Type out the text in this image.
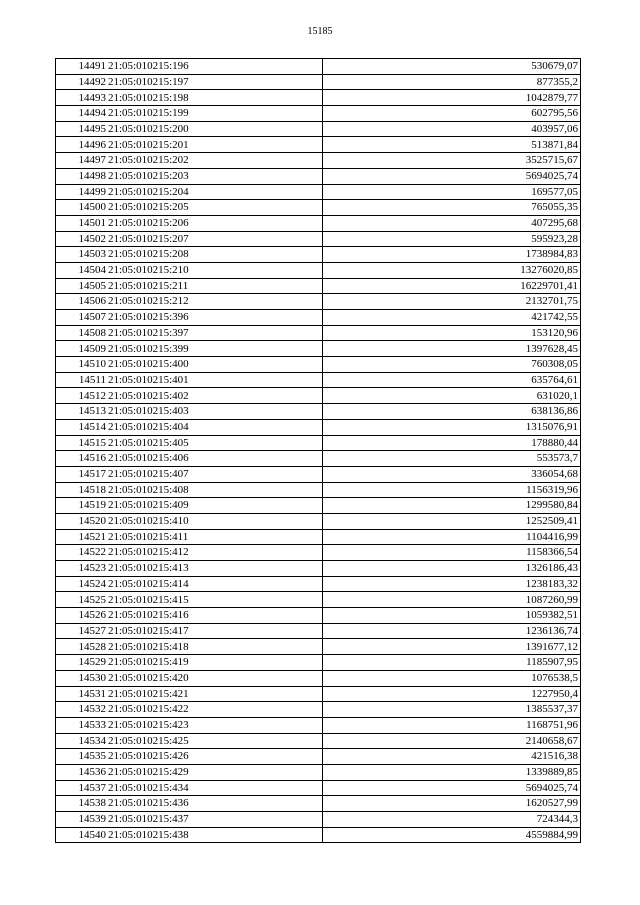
15185
14491	21:05:010215:196	530679,07
14492	21:05:010215:197	877355,2
14493	21:05:010215:198	1042879,77
14494	21:05:010215:199	602795,56
14495	21:05:010215:200	403957,06
14496	21:05:010215:201	513871,84
14497	21:05:010215:202	3525715,67
14498	21:05:010215:203	5694025,74
14499	21:05:010215:204	169577,05
14500	21:05:010215:205	765055,35
14501	21:05:010215:206	407295,68
14502	21:05:010215:207	595923,28
14503	21:05:010215:208	1738984,83
14504	21:05:010215:210	13276020,85
14505	21:05:010215:211	16229701,41
14506	21:05:010215:212	2132701,75
14507	21:05:010215:396	421742,55
14508	21:05:010215:397	153120,96
14509	21:05:010215:399	1397628,45
14510	21:05:010215:400	760308,05
14511	21:05:010215:401	635764,61
14512	21:05:010215:402	631020,1
14513	21:05:010215:403	638136,86
14514	21:05:010215:404	1315076,91
14515	21:05:010215:405	178880,44
14516	21:05:010215:406	553573,7
14517	21:05:010215:407	336054,68
14518	21:05:010215:408	1156319,96
14519	21:05:010215:409	1299580,84
14520	21:05:010215:410	1252509,41
14521	21:05:010215:411	1104416,99
14522	21:05:010215:412	1158366,54
14523	21:05:010215:413	1326186,43
14524	21:05:010215:414	1238183,32
14525	21:05:010215:415	1087260,99
14526	21:05:010215:416	1059382,51
14527	21:05:010215:417	1236136,74
14528	21:05:010215:418	1391677,12
14529	21:05:010215:419	1185907,95
14530	21:05:010215:420	1076538,5
14531	21:05:010215:421	1227950,4
14532	21:05:010215:422	1385537,37
14533	21:05:010215:423	1168751,96
14534	21:05:010215:425	2140658,67
14535	21:05:010215:426	421516,38
14536	21:05:010215:429	1339889,85
14537	21:05:010215:434	5694025,74
14538	21:05:010215:436	1620527,99
14539	21:05:010215:437	724344,3
14540	21:05:010215:438	4559884,99
